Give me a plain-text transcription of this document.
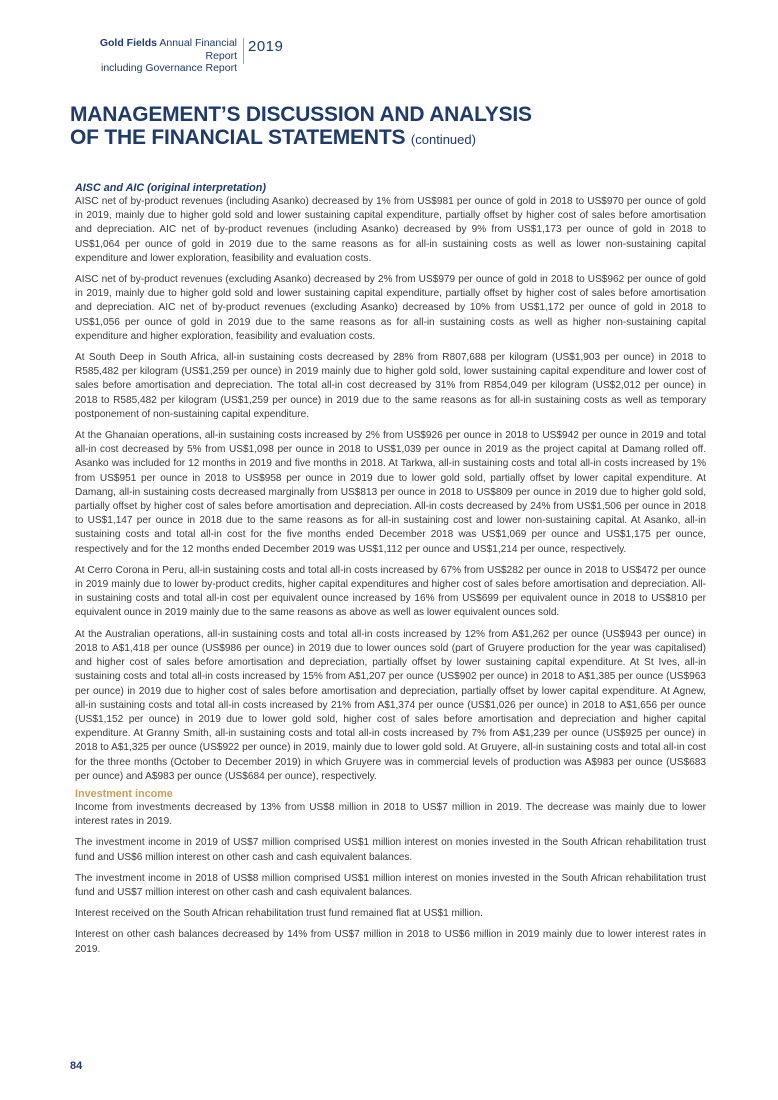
Gold Fields Annual Financial Report
including Governance Report
2019
MANAGEMENT’S DISCUSSION AND ANALYSIS
OF THE FINANCIAL STATEMENTS (continued)
AISC and AIC (original interpretation)

AISC net of by-product revenues (including Asanko) decreased by 1% from US$981 per ounce of gold in 2018 to US$970 per ounce of gold in 2019, mainly due to higher gold sold and lower sustaining capital expenditure, partially offset by higher cost of sales before amortisation and depreciation. AIC net of by-product revenues (including Asanko) decreased by 9% from US$1,173 per ounce of gold in 2018 to US$1,064 per ounce of gold in 2019 due to the same reasons as for all-in sustaining costs as well as lower non-sustaining capital expenditure and lower exploration, feasibility and evaluation costs.

AISC net of by-product revenues (excluding Asanko) decreased by 2% from US$979 per ounce of gold in 2018 to US$962 per ounce of gold in 2019, mainly due to higher gold sold and lower sustaining capital expenditure, partially offset by higher cost of sales before amortisation and depreciation. AIC net of by-product revenues (excluding Asanko) decreased by 10% from US$1,172 per ounce of gold in 2018 to US$1,056 per ounce of gold in 2019 due to the same reasons as for all-in sustaining costs as well as higher non-sustaining capital expenditure and higher exploration, feasibility and evaluation costs.

At South Deep in South Africa, all-in sustaining costs decreased by 28% from R807,688 per kilogram (US$1,903 per ounce) in 2018 to R585,482 per kilogram (US$1,259 per ounce) in 2019 mainly due to higher gold sold, lower sustaining capital expenditure and lower cost of sales before amortisation and depreciation. The total all-in cost decreased by 31% from R854,049 per kilogram (US$2,012 per ounce) in 2018 to R585,482 per kilogram (US$1,259 per ounce) in 2019 due to the same reasons as for all-in sustaining costs as well as temporary postponement of non-sustaining capital expenditure.

At the Ghanaian operations, all-in sustaining costs increased by 2% from US$926 per ounce in 2018 to US$942 per ounce in 2019 and total all-in cost decreased by 5% from US$1,098 per ounce in 2018 to US$1,039 per ounce in 2019 as the project capital at Damang rolled off. Asanko was included for 12 months in 2019 and five months in 2018. At Tarkwa, all-in sustaining costs and total all-in costs increased by 1% from US$951 per ounce in 2018 to US$958 per ounce in 2019 due to lower gold sold, partially offset by lower capital expenditure. At Damang, all-in sustaining costs decreased marginally from US$813 per ounce in 2018 to US$809 per ounce in 2019 due to higher gold sold, partially offset by higher cost of sales before amortisation and depreciation. All-in costs decreased by 24% from US$1,506 per ounce in 2018 to US$1,147 per ounce in 2018 due to the same reasons as for all-in sustaining cost and lower non-sustaining capital. At Asanko, all-in sustaining costs and total all-in cost for the five months ended December 2018 was US$1,069 per ounce and US$1,175 per ounce, respectively and for the 12 months ended December 2019 was US$1,112 per ounce and US$1,214 per ounce, respectively.

At Cerro Corona in Peru, all-in sustaining costs and total all-in costs increased by 67% from US$282 per ounce in 2018 to US$472 per ounce in 2019 mainly due to lower by-product credits, higher capital expenditures and higher cost of sales before amortisation and depreciation. All-in sustaining costs and total all-in cost per equivalent ounce increased by 16% from US$699 per equivalent ounce in 2018 to US$810 per equivalent ounce in 2019 mainly due to the same reasons as above as well as lower equivalent ounces sold.

At the Australian operations, all-in sustaining costs and total all-in costs increased by 12% from A$1,262 per ounce (US$943 per ounce) in 2018 to A$1,418 per ounce (US$986 per ounce) in 2019 due to lower ounces sold (part of Gruyere production for the year was capitalised) and higher cost of sales before amortisation and depreciation, partially offset by lower sustaining capital expenditure. At St Ives, all-in sustaining costs and total all-in costs increased by 15% from A$1,207 per ounce (US$902 per ounce) in 2018 to A$1,385 per ounce (US$963 per ounce) in 2019 due to higher cost of sales before amortisation and depreciation, partially offset by lower capital expenditure. At Agnew, all-in sustaining costs and total all-in costs increased by 21% from A$1,374 per ounce (US$1,026 per ounce) in 2018 to A$1,656 per ounce (US$1,152 per ounce) in 2019 due to lower gold sold, higher cost of sales before amortisation and depreciation and higher capital expenditure. At Granny Smith, all-in sustaining costs and total all-in costs increased by 7% from A$1,239 per ounce (US$925 per ounce) in 2018 to A$1,325 per ounce (US$922 per ounce) in 2019, mainly due to lower gold sold. At Gruyere, all-in sustaining costs and total all-in cost for the three months (October to December 2019) in which Gruyere was in commercial levels of production was A$983 per ounce (US$683 per ounce) and A$983 per ounce (US$684 per ounce), respectively.

Investment income

Income from investments decreased by 13% from US$8 million in 2018 to US$7 million in 2019. The decrease was mainly due to lower interest rates in 2019.

The investment income in 2019 of US$7 million comprised US$1 million interest on monies invested in the South African rehabilitation trust fund and US$6 million interest on other cash and cash equivalent balances.

The investment income in 2018 of US$8 million comprised US$1 million interest on monies invested in the South African rehabilitation trust fund and US$7 million interest on other cash and cash equivalent balances.

Interest received on the South African rehabilitation trust fund remained flat at US$1 million.

Interest on other cash balances decreased by 14% from US$7 million in 2018 to US$6 million in 2019 mainly due to lower interest rates in 2019.

84
